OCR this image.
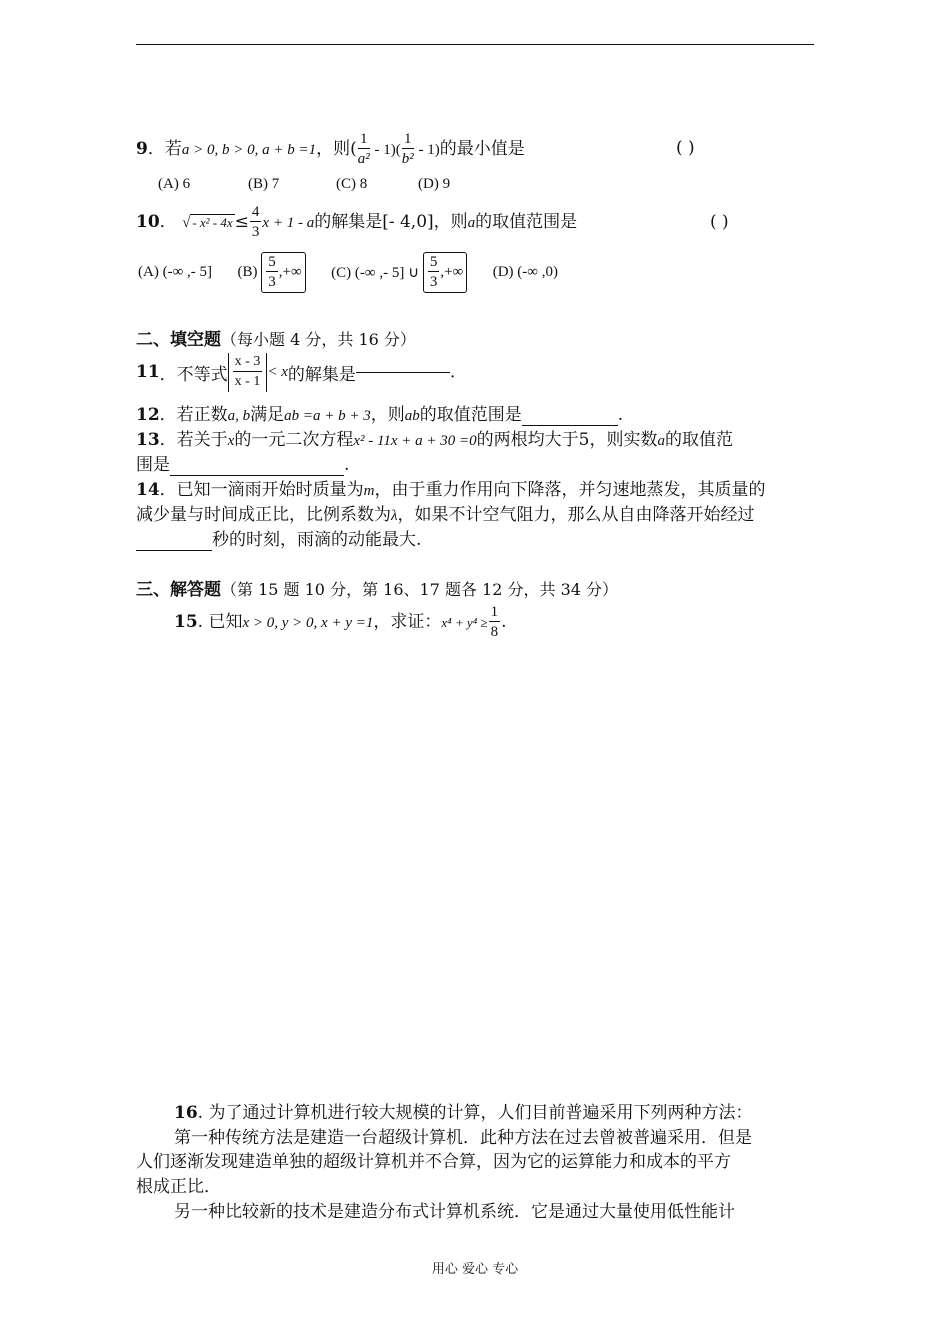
9．若a > 0, b > 0, a + b =1，则( $\frac{1}{\text{a²}} - 1)( \frac{1}{\text{b²}} - 1)$的最小值是	( )
(A) 6	(B) 7	(C) 8	(D) 9
10． √ - $x^2 - 4x \le \frac{4}{3}$ x + 1 - a的解集是[- 4,0]，则a的取值范围是	( )
(A) (-∞ ,- 5] $(B) \frac{5}{3}$ ,+∞ (C) (-∞ ,- 5] ∪ $\frac{5}{3}$ ,+∞ (D) (-∞ ,0)
二、填空题（每小题 4 分，共 16 分）
11．不等式 $\frac{x - 3}{x - 1} < x$的解集是	.
12．若正数a, b满足ab =a + b + 3，则ab的取值范围是	.
13．若关于x的一元二次方程x² - 11x + a + 30 =0的两根均大于5，则实数a的取值范
围是	.
14．已知一滴雨开始时质量为m，由于重力作用向下降落，并匀速地蒸发，其质量的
减少量与时间成正比，比例系数为λ，如果不计空气阻力，那么从自由降落开始经过
秒的时刻，雨滴的动能最大.
三、解答题（第 15 题 10 分，第 16、17 题各 12 分，共 34 分）
15. 已知x > 0, y > 0, x + y =1，求证：$x^4 + y^4 \ge \frac{1}{8}$ .
16. 为了通过计算机进行较大规模的计算，人们目前普遍采用下列两种方法：
第一种传统方法是建造一台超级计算机．此种方法在过去曾被普遍采用．但是
人们逐渐发现建造单独的超级计算机并不合算，因为它的运算能力和成本的平方
根成正比．
另一种比较新的技术是建造分布式计算机系统．它是通过大量使用低性能计
用心 爱心 专心
